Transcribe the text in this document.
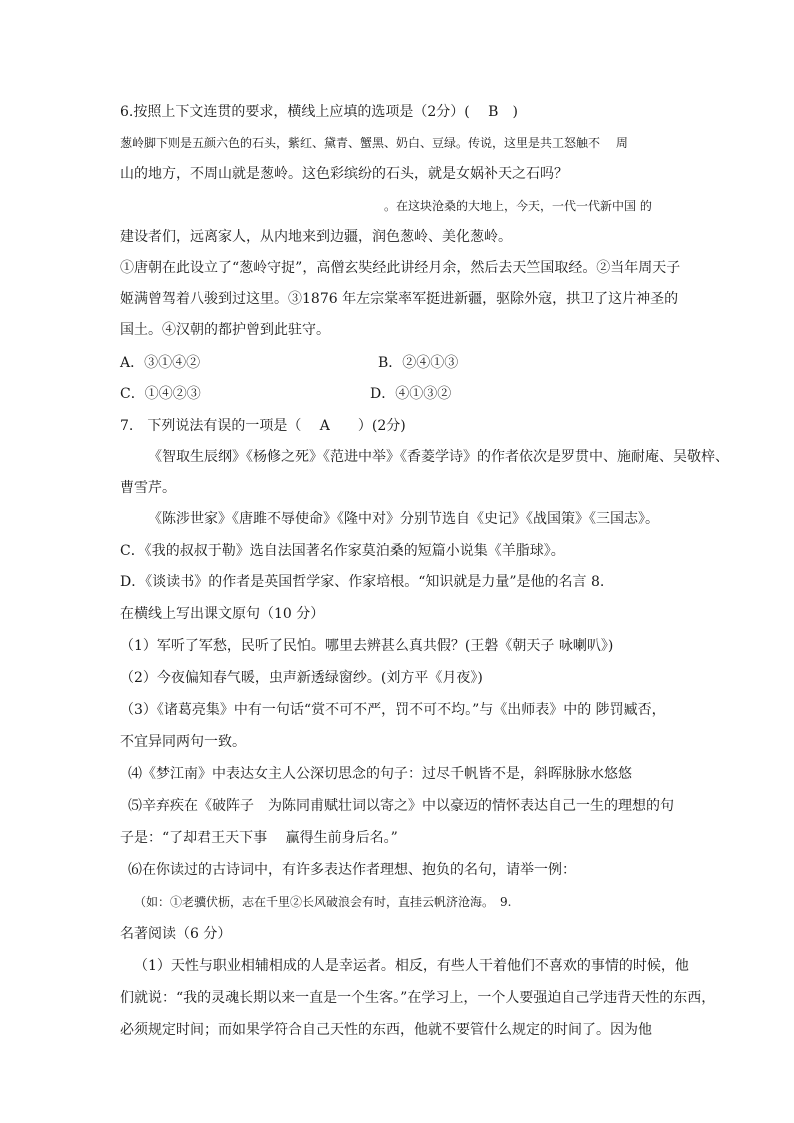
6.按照上下文连贯的要求，横线上应填的选项是（2分）(　 B　)
葱岭脚下则是五颜六色的石头，紫红、黛青、蟹黑、奶白、豆绿。传说，这里是共工怒触不　 周
山的地方，不周山就是葱岭。这色彩缤纷的石头，就是女娲补天之石吗？
。在这块沧桑的大地上，今天，一代一代新中国 的
建设者们，远离家人，从内地来到边疆，润色葱岭、美化葱岭。
①唐朝在此设立了“葱岭守捉”，高僧玄奘经此讲经月余，然后去天竺国取经。②当年周天子
姬满曾驾着八骏到过这里。③1876 年左宗棠率军挺进新疆，驱除外寇，拱卫了这片神圣的
国土。④汉朝的都护曾到此驻守。
A．③①④②	B．②④①③
C．①④②③	D．④①③②
7.　下列说法有误的一项是（　 A　　）(2分)
《智取生辰纲》《杨修之死》《范进中举》《香菱学诗》的作者依次是罗贯中、施耐庵、吴敬梓、
曹雪芹。
《陈涉世家》《唐雎不辱使命》《隆中对》分别节选自《史记》《战国策》《三国志》。
C．《我的叔叔于勒》选自法国著名作家莫泊桑的短篇小说集《羊脂球》。
D．《谈读书》的作者是英国哲学家、作家培根。“知识就是力量”是他的名言 8.
在横线上写出课文原句（10 分）
（1）军听了军愁，民听了民怕。哪里去辨甚么真共假？(王磐《朝天子 咏喇叭》)
（2）今夜偏知春气暖，虫声新透绿窗纱。(刘方平《月夜》)
（3）《诸葛亮集》中有一句话“赏不可不严，罚不可不均。”与《出师表》中的 陟罚臧否，
不宜异同两句一致。
⑷《梦江南》中表达女主人公深切思念的句子：过尽千帆皆不是，斜晖脉脉水悠悠
⑸辛弃疾在《破阵子　为陈同甫赋壮词以寄之》中以豪迈的情怀表达自己一生的理想的句
子是：“了却君王天下事　 赢得生前身后名。”
⑹在你读过的古诗词中，有许多表达作者理想、抱负的名句，请举一例：
（如：①老骥伏枥，志在千里②长风破浪会有时，直挂云帆济沧海。　9.
名著阅读（6 分）
（1）天性与职业相辅相成的人是幸运者。相反，有些人干着他们不喜欢的事情的时候，他
们就说：“我的灵魂长期以来一直是一个生客。”在学习上，一个人要强迫自己学违背天性的东西，
必须规定时间；而如果学符合自己天性的东西，他就不要管什么规定的时间了。因为他
